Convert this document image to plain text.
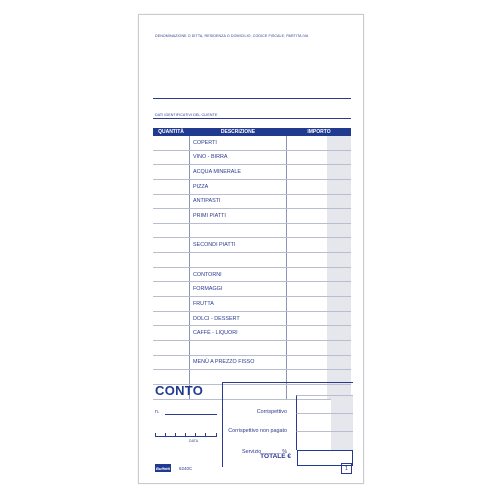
DENOMINAZIONE O DITTA, RESIDENZA O DOMICILIO, CODICE FISCALE, PARTITA IVA
DATI IDENTIFICATIVI DEL CLIENTE
QUANTITÀ	DESCRIZIONE	IMPORTO
COPERTI
VINO - BIRRA
ACQUA MINERALE
PIZZA
ANTIPASTI
PRIMI PIATTI
SECONDI PIATTI
CONTORNI
FORMAGGI
FRUTTA
DOLCI - DESSERT
CAFFÈ - LIQUORI
MENÙ A PREZZO FISSO
CONTO
n.
DATA
Corrispettivo
Corrispettivo non pagato
Servizio ______ %
TOTALE €
Buffetti 6240C	1
